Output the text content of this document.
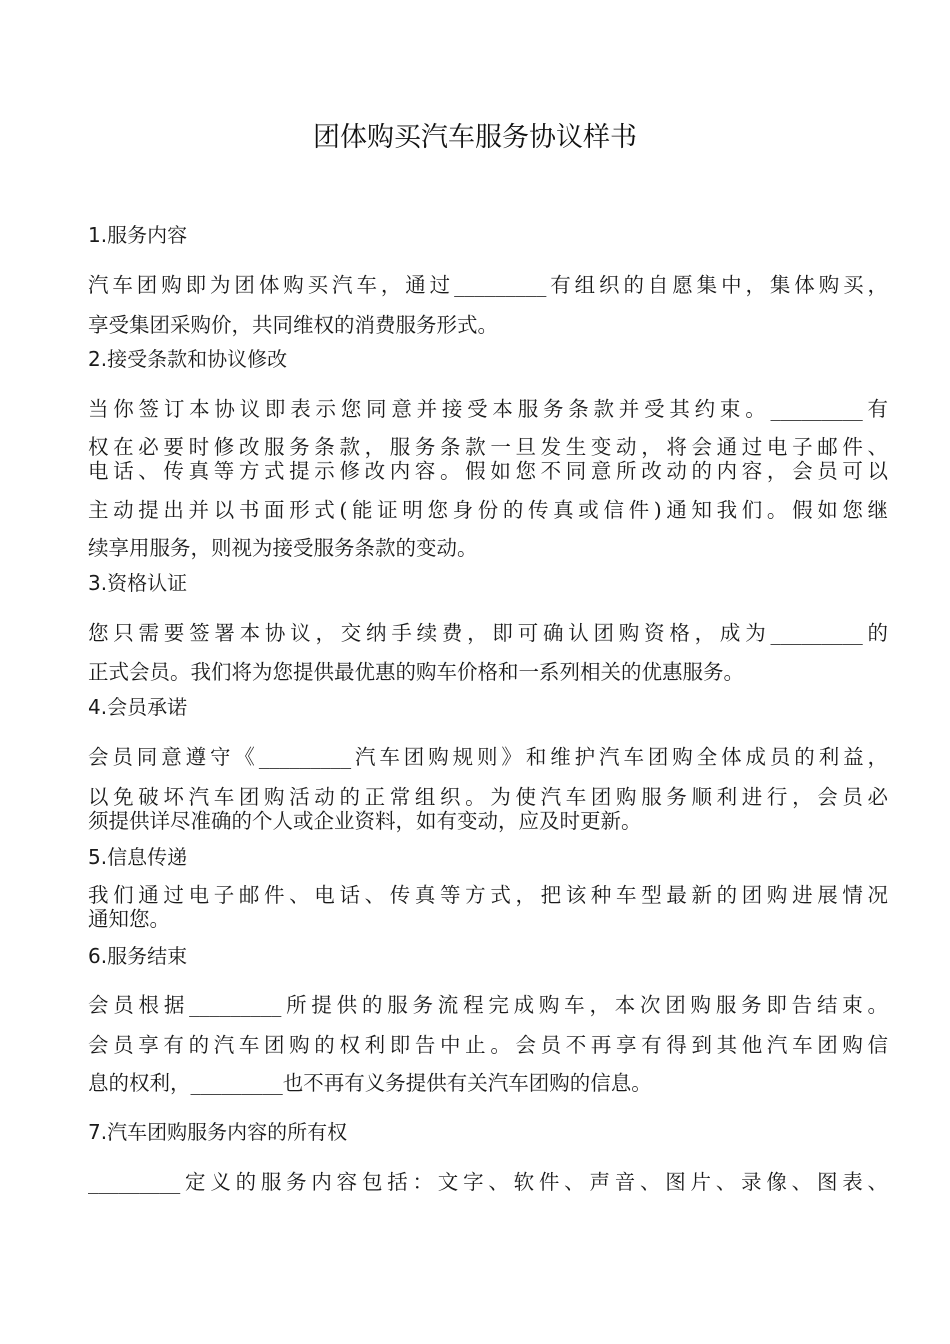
团体购买汽车服务协议样书
1.服务内容

汽车团购即为团体购买汽车，通过_________有组织的自愿集中，集体购买，

享受集团采购价，共同维权的消费服务形式。

2.接受条款和协议修改

当你签订本协议即表示您同意并接受本服务条款并受其约束。_________有

权在必要时修改服务条款，服务条款一旦发生变动，将会通过电子邮件、

电话、传真等方式提示修改内容。假如您不同意所改动的内容，会员可以

主动提出并以书面形式(能证明您身份的传真或信件)通知我们。假如您继

续享用服务，则视为接受服务条款的变动。

3.资格认证

您只需要签署本协议，交纳手续费，即可确认团购资格，成为_________的

正式会员。我们将为您提供最优惠的购车价格和一系列相关的优惠服务。

4.会员承诺

会员同意遵守《_________汽车团购规则》和维护汽车团购全体成员的利益，

以免破坏汽车团购活动的正常组织。为使汽车团购服务顺利进行，会员必

须提供详尽准确的个人或企业资料，如有变动，应及时更新。

5.信息传递

我们通过电子邮件、电话、传真等方式，把该种车型最新的团购进展情况

通知您。

6.服务结束

会员根据_________所提供的服务流程完成购车，本次团购服务即告结束。

会员享有的汽车团购的权利即告中止。会员不再享有得到其他汽车团购信

息的权利，_________也不再有义务提供有关汽车团购的信息。

7.汽车团购服务内容的所有权

_________定义的服务内容包括：文字、软件、声音、图片、录像、图表、
